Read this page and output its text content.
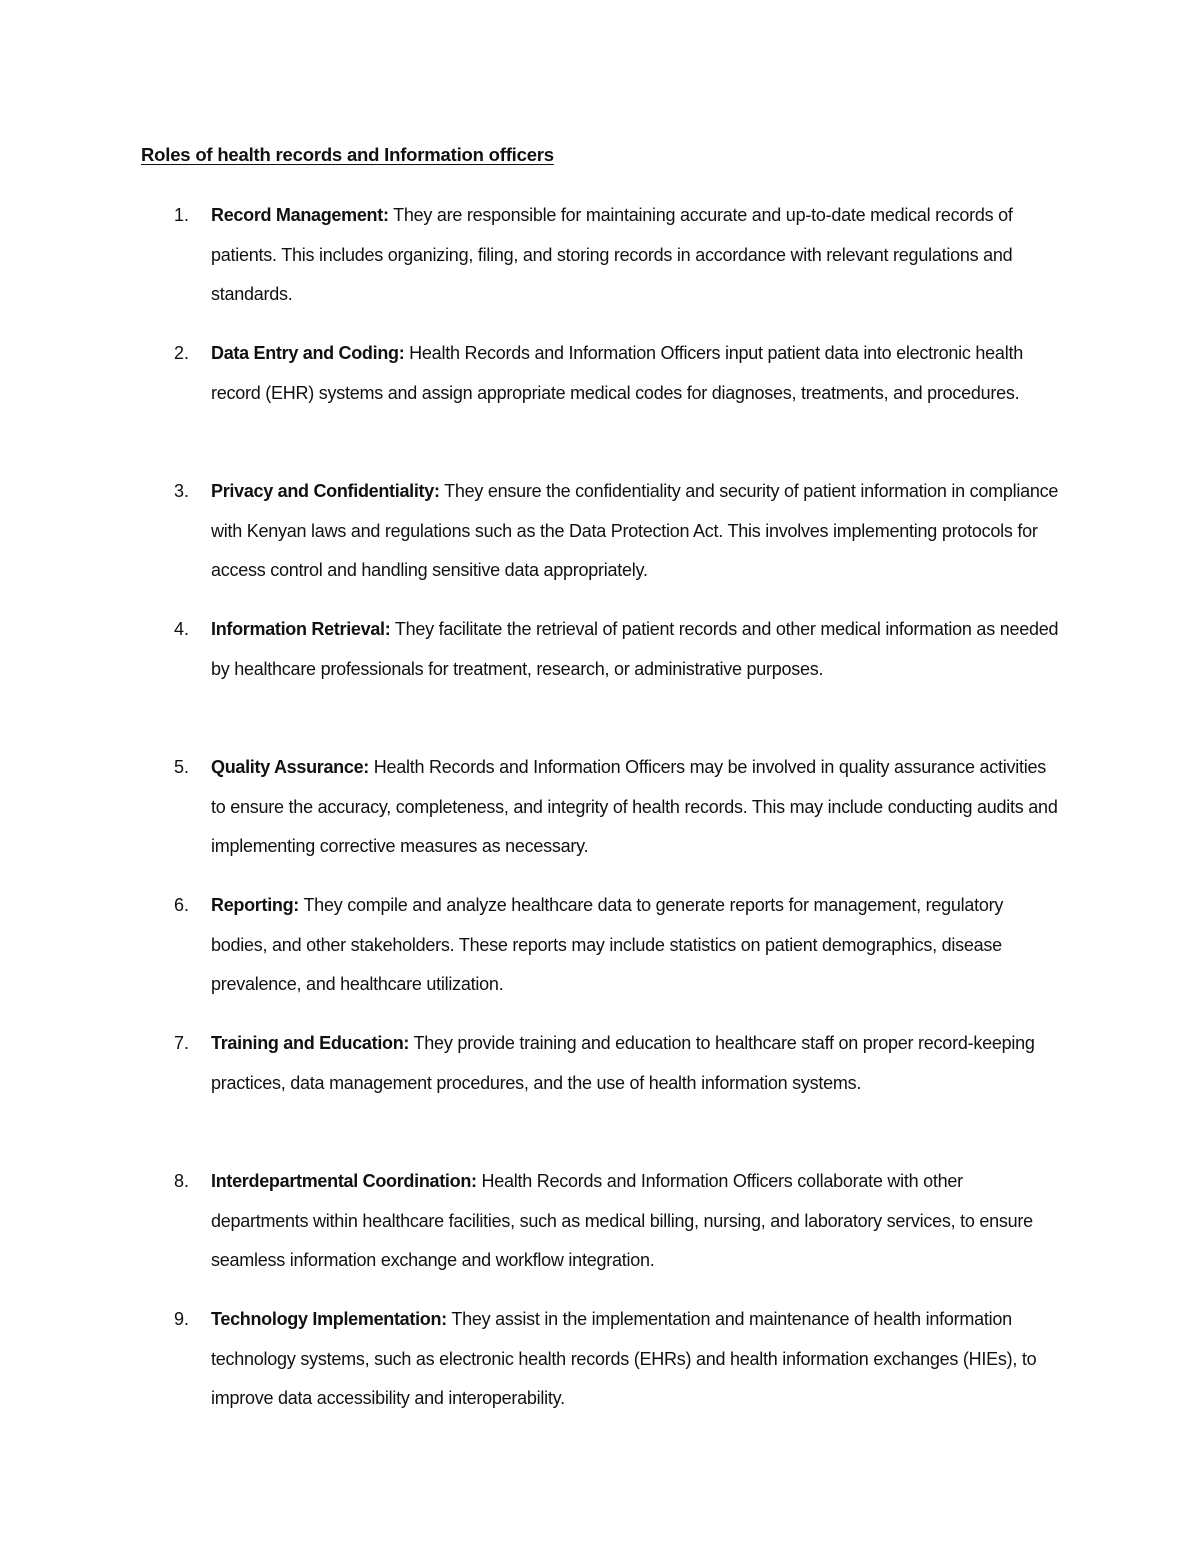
Roles of health records and Information officers
1. Record Management: They are responsible for maintaining accurate and up-to-date medical records of patients. This includes organizing, filing, and storing records in accordance with relevant regulations and standards.
2. Data Entry and Coding: Health Records and Information Officers input patient data into electronic health record (EHR) systems and assign appropriate medical codes for diagnoses, treatments, and procedures.
3. Privacy and Confidentiality: They ensure the confidentiality and security of patient information in compliance with Kenyan laws and regulations such as the Data Protection Act. This involves implementing protocols for access control and handling sensitive data appropriately.
4. Information Retrieval: They facilitate the retrieval of patient records and other medical information as needed by healthcare professionals for treatment, research, or administrative purposes.
5. Quality Assurance: Health Records and Information Officers may be involved in quality assurance activities to ensure the accuracy, completeness, and integrity of health records. This may include conducting audits and implementing corrective measures as necessary.
6. Reporting: They compile and analyze healthcare data to generate reports for management, regulatory bodies, and other stakeholders. These reports may include statistics on patient demographics, disease prevalence, and healthcare utilization.
7. Training and Education: They provide training and education to healthcare staff on proper record-keeping practices, data management procedures, and the use of health information systems.
8. Interdepartmental Coordination: Health Records and Information Officers collaborate with other departments within healthcare facilities, such as medical billing, nursing, and laboratory services, to ensure seamless information exchange and workflow integration.
9. Technology Implementation: They assist in the implementation and maintenance of health information technology systems, such as electronic health records (EHRs) and health information exchanges (HIEs), to improve data accessibility and interoperability.
